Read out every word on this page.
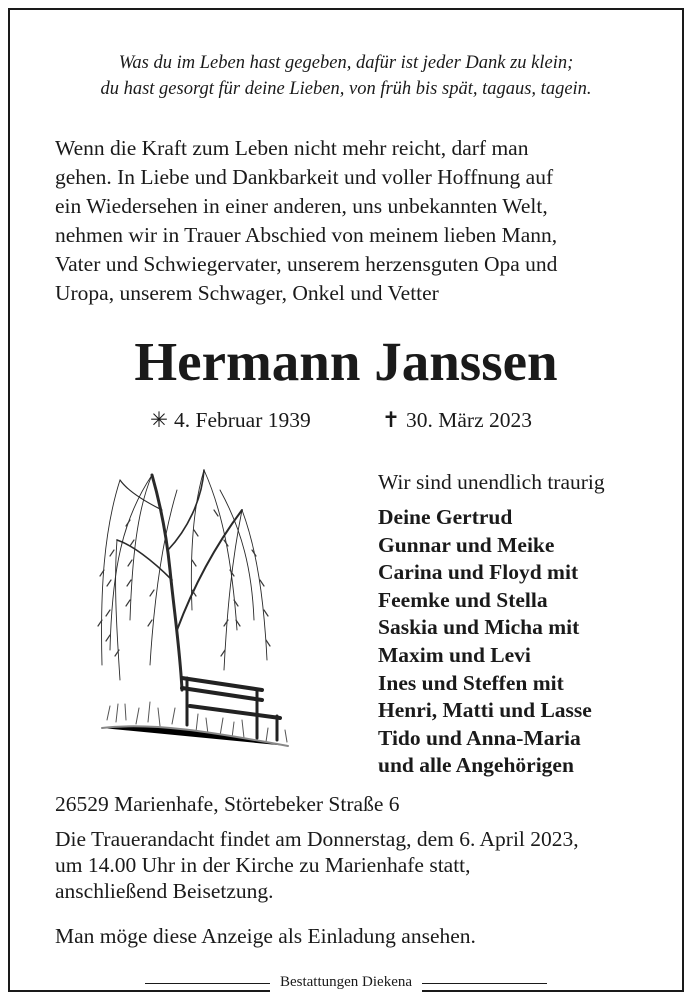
Was du im Leben hast gegeben, dafür ist jeder Dank zu klein;
du hast gesorgt für deine Lieben, von früh bis spät, tagaus, tagein.
Wenn die Kraft zum Leben nicht mehr reicht, darf man
gehen. In Liebe und Dankbarkeit und voller Hoffnung auf
ein Wiedersehen in einer anderen, uns unbekannten Welt,
nehmen wir in Trauer Abschied von meinem lieben Mann,
Vater und Schwiegervater, unserem herzensguten Opa und
Uropa, unserem Schwager, Onkel und Vetter
Hermann Janssen
✳ 4. Februar 1939	✝ 30. März 2023
Wir sind unendlich traurig
Deine Gertrud
Gunnar und Meike
Carina und Floyd mit
Feemke und Stella
Saskia und Micha mit
Maxim und Levi
Ines und Steffen mit
Henri, Matti und Lasse
Tido und Anna-Maria
und alle Angehörigen
26529 Marienhafe, Störtebeker Straße 6
Die Trauerandacht findet am Donnerstag, dem 6. April 2023,
um 14.00 Uhr in der Kirche zu Marienhafe statt,
anschließend Beisetzung.
Man möge diese Anzeige als Einladung ansehen.
Bestattungen Diekena
